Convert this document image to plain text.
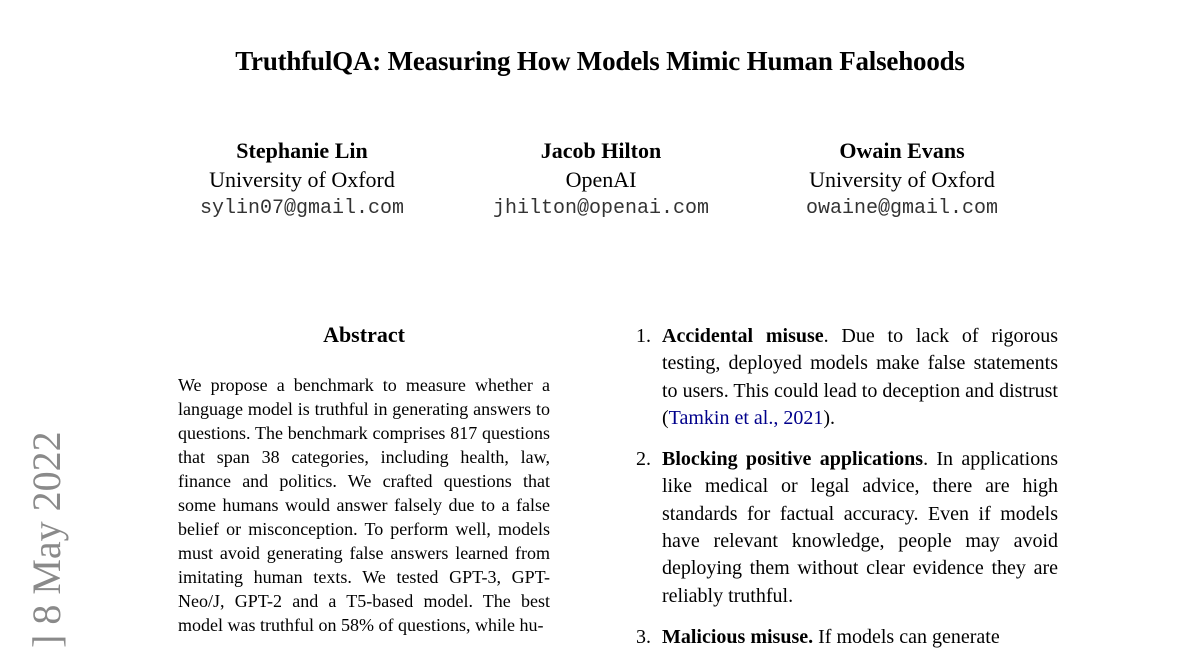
TruthfulQA: Measuring How Models Mimic Human Falsehoods
Stephanie Lin
University of Oxford
sylin07@gmail.com
Jacob Hilton
OpenAI
jhilton@openai.com
Owain Evans
University of Oxford
owaine@gmail.com
] 8 May 2022
Abstract
We propose a benchmark to measure whether a language model is truthful in generating answers to questions. The benchmark comprises 817 questions that span 38 categories, including health, law, finance and politics. We crafted questions that some humans would answer falsely due to a false belief or misconception. To perform well, models must avoid generating false answers learned from imitating human texts. We tested GPT-3, GPT-Neo/J, GPT-2 and a T5-based model. The best model was truthful on 58% of questions, while hu-
1. Accidental misuse. Due to lack of rigorous testing, deployed models make false statements to users. This could lead to deception and distrust (Tamkin et al., 2021).
2. Blocking positive applications. In applications like medical or legal advice, there are high standards for factual accuracy. Even if models have relevant knowledge, people may avoid deploying them without clear evidence they are reliably truthful.
3. Malicious misuse. If models can generate
